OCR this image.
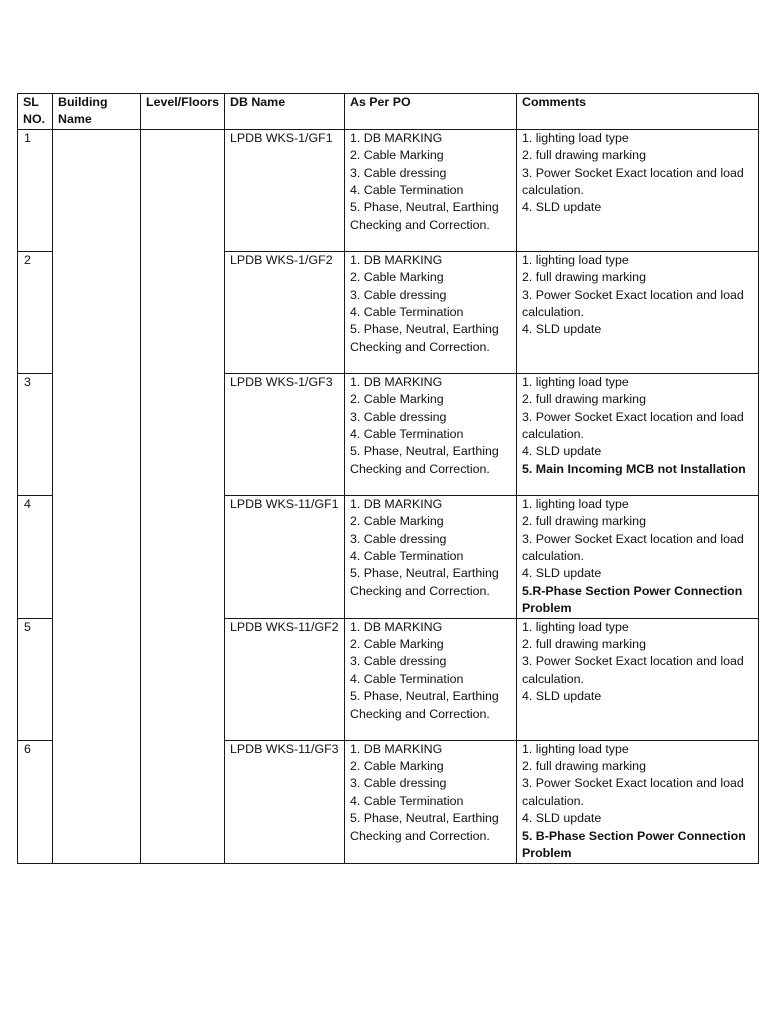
SL NO.	Building Name	Level/Floors	DB Name	As Per PO	Comments
1			LPDB WKS-1/GF1	1. DB MARKING
2. Cable Marking
3. Cable dressing
4. Cable Termination
5. Phase, Neutral, Earthing Checking and Correction.	1. lighting load type
2. full drawing marking
3. Power Socket Exact location and load calculation.
4. SLD update

2			LPDB WKS-1/GF2	1. DB MARKING
2. Cable Marking
3. Cable dressing
4. Cable Termination
5. Phase, Neutral, Earthing Checking and Correction.	1. lighting load type
2. full drawing marking
3. Power Socket Exact location and load calculation.
4. SLD update

3			LPDB WKS-1/GF3	1. DB MARKING
2. Cable Marking
3. Cable dressing
4. Cable Termination
5. Phase, Neutral, Earthing Checking and Correction.	1. lighting load type
2. full drawing marking
3. Power Socket Exact location and load calculation.
4. SLD update
5. Main Incoming MCB not Installation

4			LPDB WKS-11/GF1	1. DB MARKING
2. Cable Marking
3. Cable dressing
4. Cable Termination
5. Phase, Neutral, Earthing Checking and Correction.	1. lighting load type
2. full drawing marking
3. Power Socket Exact location and load calculation.
4. SLD update
5.R-Phase Section Power Connection Problem

5			LPDB WKS-11/GF2	1. DB MARKING
2. Cable Marking
3. Cable dressing
4. Cable Termination
5. Phase, Neutral, Earthing Checking and Correction.	1. lighting load type
2. full drawing marking
3. Power Socket Exact location and load calculation.
4. SLD update

6			LPDB WKS-11/GF3	1. DB MARKING
2. Cable Marking
3. Cable dressing
4. Cable Termination
5. Phase, Neutral, Earthing Checking and Correction.	1. lighting load type
2. full drawing marking
3. Power Socket Exact location and load calculation.
4. SLD update
5. B-Phase Section Power Connection Problem
